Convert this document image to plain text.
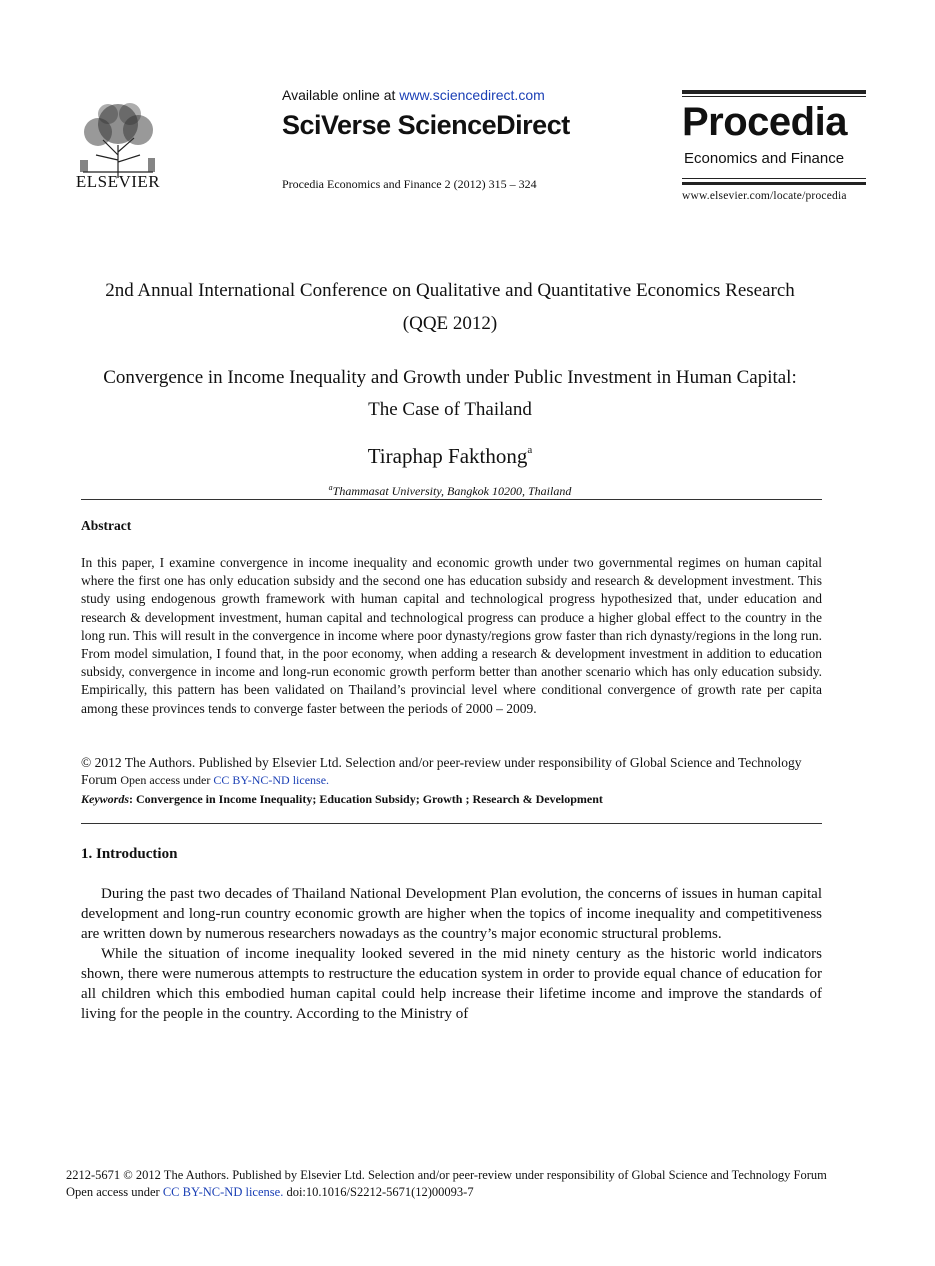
ELSEVIER
Available online at www.sciencedirect.com
SciVerse ScienceDirect
Procedia Economics and Finance 2 (2012) 315 – 324
Procedia
Economics and Finance
www.elsevier.com/locate/procedia
2nd Annual International Conference on Qualitative and Quantitative Economics Research
(QQE 2012)
Convergence in Income Inequality and Growth under Public Investment in Human Capital:
The Case of Thailand
Tiraphap Fakthong$^a$
$^a$Thammasat University, Bangkok 10200, Thailand
Abstract
In this paper, I examine convergence in income inequality and economic growth under two governmental regimes on human capital where the first one has only education subsidy and the second one has education subsidy and research & development investment. This study using endogenous growth framework with human capital and technological progress hypothesized that, under education and research & development investment, human capital and technological progress can produce a higher global effect to the country in the long run. This will result in the convergence in income where poor dynasty/regions grow faster than rich dynasty/regions in the long run. From model simulation, I found that, in the poor economy, when adding a research & development investment in addition to education subsidy, convergence in income and long-run economic growth perform better than another scenario which has only education subsidy. Empirically, this pattern has been validated on Thailand’s provincial level where conditional convergence of growth rate per capita among these provinces tends to converge faster between the periods of 2000 – 2009.
© 2012 The Authors. Published by Elsevier Ltd. Selection and/or peer-review under responsibility of Global Science and Technology Forum Open access under CC BY-NC-ND license.
Keywords: Convergence in Income Inequality; Education Subsidy; Growth ; Research & Development
1. Introduction

During the past two decades of Thailand National Development Plan evolution, the concerns of issues in human capital development and long-run country economic growth are higher when the topics of income inequality and competitiveness are written down by numerous researchers nowadays as the country’s major economic structural problems.

While the situation of income inequality looked severed in the mid ninety century as the historic world indicators shown, there were numerous attempts to restructure the education system in order to provide equal chance of education for all children which this embodied human capital could help increase their lifetime income and improve the standards of living for the people in the country. According to the Ministry of

2212-5671 © 2012 The Authors. Published by Elsevier Ltd. Selection and/or peer-review under responsibility of Global Science and Technology Forum
Open access under CC BY-NC-ND license. doi:10.1016/S2212-5671(12)00093-7
